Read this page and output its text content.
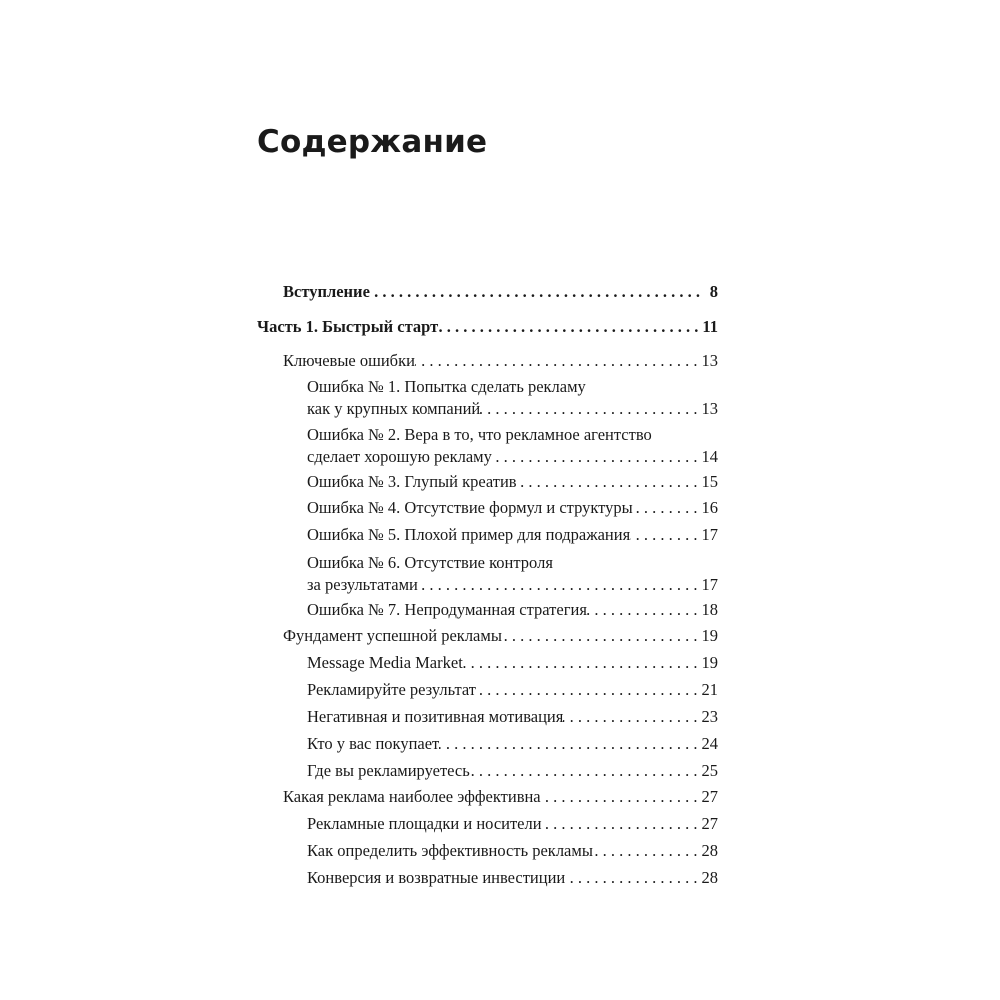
Содержание
Вступление . . .	8
Часть 1. Быстрый старт . . .	11
Ключевые ошибки . . .	13
Ошибка № 1. Попытка сделать рекламу
как у крупных компаний . . .	13
Ошибка № 2. Вера в то, что рекламное агентство
сделает хорошую рекламу . . .	14
Ошибка № 3. Глупый креатив . . .	15
Ошибка № 4. Отсутствие формул и структуры . . .	16
Ошибка № 5. Плохой пример для подражания . . .	17
Ошибка № 6. Отсутствие контроля
за результатами . . .	17
Ошибка № 7. Непродуманная стратегия . . .	18
Фундамент успешной рекламы . . .	19
Message Media Market . . .	19
Рекламируйте результат . . .	21
Негативная и позитивная мотивация . . .	23
Кто у вас покупает . . .	24
Где вы рекламируетесь . . .	25
Какая реклама наиболее эффективна . . .	27
Рекламные площадки и носители . . .	27
Как определить эффективность рекламы . . .	28
Конверсия и возвратные инвестиции . . .	28
